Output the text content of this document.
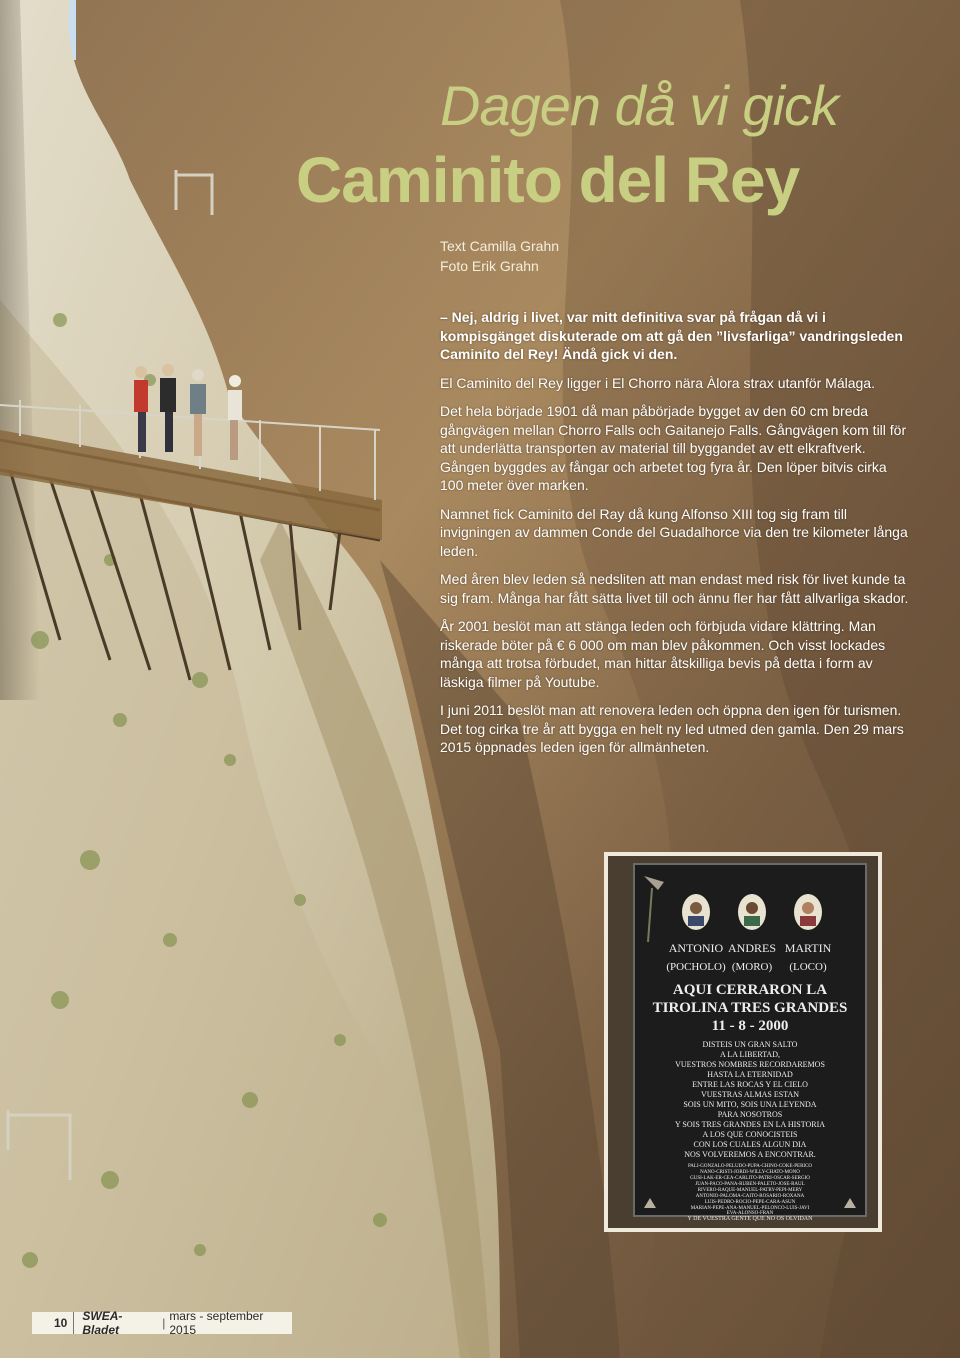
Dagen då vi gick
Caminito del Rey
Text Camilla Grahn
Foto Erik Grahn

– Nej, aldrig i livet, var mitt definitiva svar på frågan då vi i kompisgänget diskuterade om att gå den ”livsfarliga” vandringsleden Caminito del Rey! Ändå gick vi den.

El Caminito del Rey ligger i El Chorro nära Àlora strax utanför Málaga.

Det hela började 1901 då man påbörjade bygget av den 60 cm breda gångvägen mellan Chorro Falls och Gaitanejo Falls. Gångvägen kom till för att underlätta transporten av material till byggandet av ett elkraftverk. Gången byggdes av fångar och arbetet tog fyra år. Den löper bitvis cirka 100 meter över marken.

Namnet fick Caminito del Ray då kung Alfonso XIII tog sig fram till invigningen av dammen Conde del Guadalhorce via den tre kilometer långa leden.

Med åren blev leden så nedsliten att man endast med risk för livet kunde ta sig fram. Många har fått sätta livet till och ännu fler har fått allvarliga skador.

År 2001 beslöt man att stänga leden och förbjuda vidare klättring. Man riskerade böter på € 6 000 om man blev påkommen. Och visst lockades många att trotsa förbudet, man hittar åtskilliga bevis på detta i form av läskiga filmer på Youtube.

I juni 2011 beslöt man att renovera leden och öppna den igen för turismen. Det tog cirka tre år att bygga en helt ny led utmed den gamla. Den 29 mars 2015 öppnades leden igen för allmänheten.

ANTONIO ANDRES MARTIN
(POCHOLO) (MORO) (LOCO)
AQUI CERRARON LA
TIROLINA TRES GRANDES
11 - 8 - 2000
DISTEIS UN GRAN SALTO
A LA LIBERTAD,
VUESTROS NOMBRES RECORDAREMOS
HASTA LA ETERNIDAD
ENTRE LAS ROCAS Y EL CIELO
VUESTRAS ALMAS ESTAN
SOIS UN MITO, SOIS UNA LEYENDA
PARA NOSOTROS
Y SOIS TRES GRANDES EN LA HISTORIA
A LOS QUE CONOCISTEIS
CON LOS CUALES ALGUN DIA
NOS VOLVEREMOS A ENCONTRAR.
PALI-GONZALO-PELUDO-PUPA-CHINO-COKE-PERICO
NANO-CRISTI-JORDI-WILLY-CHATO-MONO
GUSI-LAK-ER-CEA-CARLITO-PATRI-OSCAR-SERGIO
JUAN-PACO-PANA-RUBEN-PALETO-JOSE-RAUL
RIVERO-RAQUE-MANUEL-PATRY-PEPI-MERY
ANTONIO-PALOMA-CAITO-ROSARIO-ROXANA
LUIS-PEDRO-ROCIO-PEPE-CARA-ASUN
MARIAN-PEPE-ANA-MANUEL-PELONCO-LUIS-JAVI
EVA-ALONSO-FRAN
Y DE VUESTRA GENTE QUE NO OS OLVIDAN
10	SWEA-Bladet	| mars - september 2015
